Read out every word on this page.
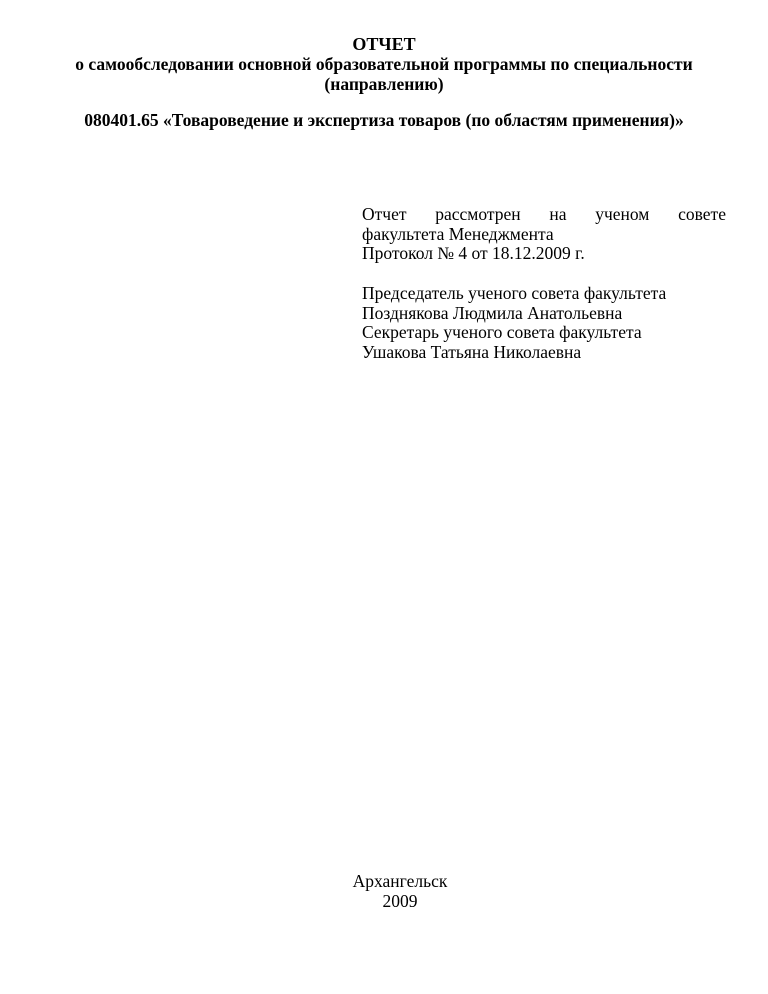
ОТЧЕТ
о самообследовании основной образовательной программы по специальности
(направлению)
080401.65 «Товароведение и экспертиза товаров (по областям применения)»
Отчет рассмотрен на ученом совете
факультета Менеджмента
Протокол № 4 от 18.12.2009 г.
Председатель ученого совета факультета
Позднякова Людмила Анатольевна
Секретарь ученого совета факультета
Ушакова Татьяна Николаевна
Архангельск
2009
